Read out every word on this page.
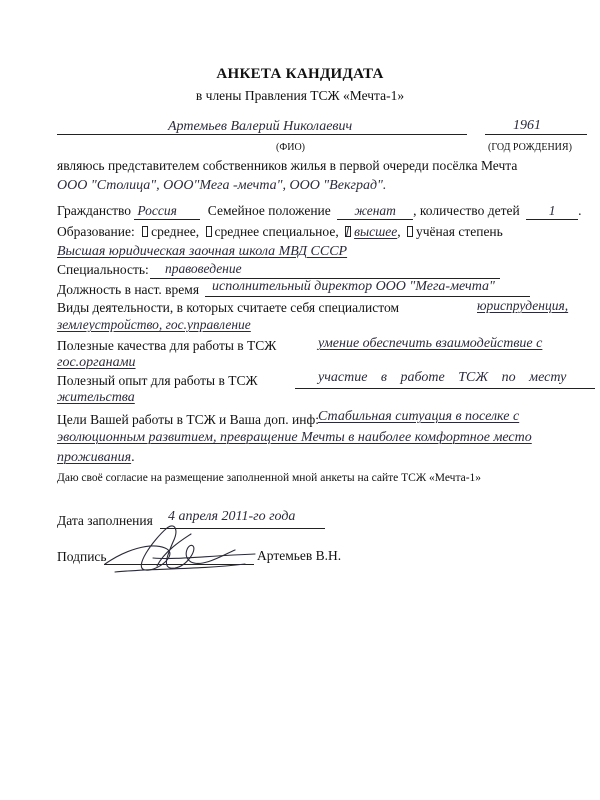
АНКЕТА КАНДИДАТА
в члены Правления ТСЖ «Мечта-1»
Артемьев Валерий Николаевич	1961
(ФИО)	(ГОД РОЖДЕНИЯ)
являюсь представителем собственников жилья в первой очереди посёлка Мечта
ООО "Столица", ООО"Мега -мечта", ООО "Векград".
Гражданство Россия Семейное положение женат , количество детей 1 .
Образование: среднее, среднее специальное, высшее, учёная степень
Высшая юридическая заочная школа МВД СССР
Специальность: правоведение
Должность в наст. время исполнительный директор ООО "Мега-мечта"
Виды деятельности, в которых считаете себя специалистом	юриспруденция,
землеустройство, гос.управление
Полезные качества для работы в ТСЖ	умение обеспечить взаимодействие с
гос.органами
Полезный опыт для работы в ТСЖ	участие в работе ТСЖ по месту
жительства
Цели Вашей работы в ТСЖ и Ваша доп. инф: Стабильная ситуация в поселке с
эволюционным развитием, превращение Мечты в наиболее комфортное место
проживания.
Даю своё согласие на размещение заполненной мной анкеты на сайте ТСЖ «Мечта-1»
Дата заполнения 4 апреля 2011-го года
Подпись	Артемьев В.Н.
